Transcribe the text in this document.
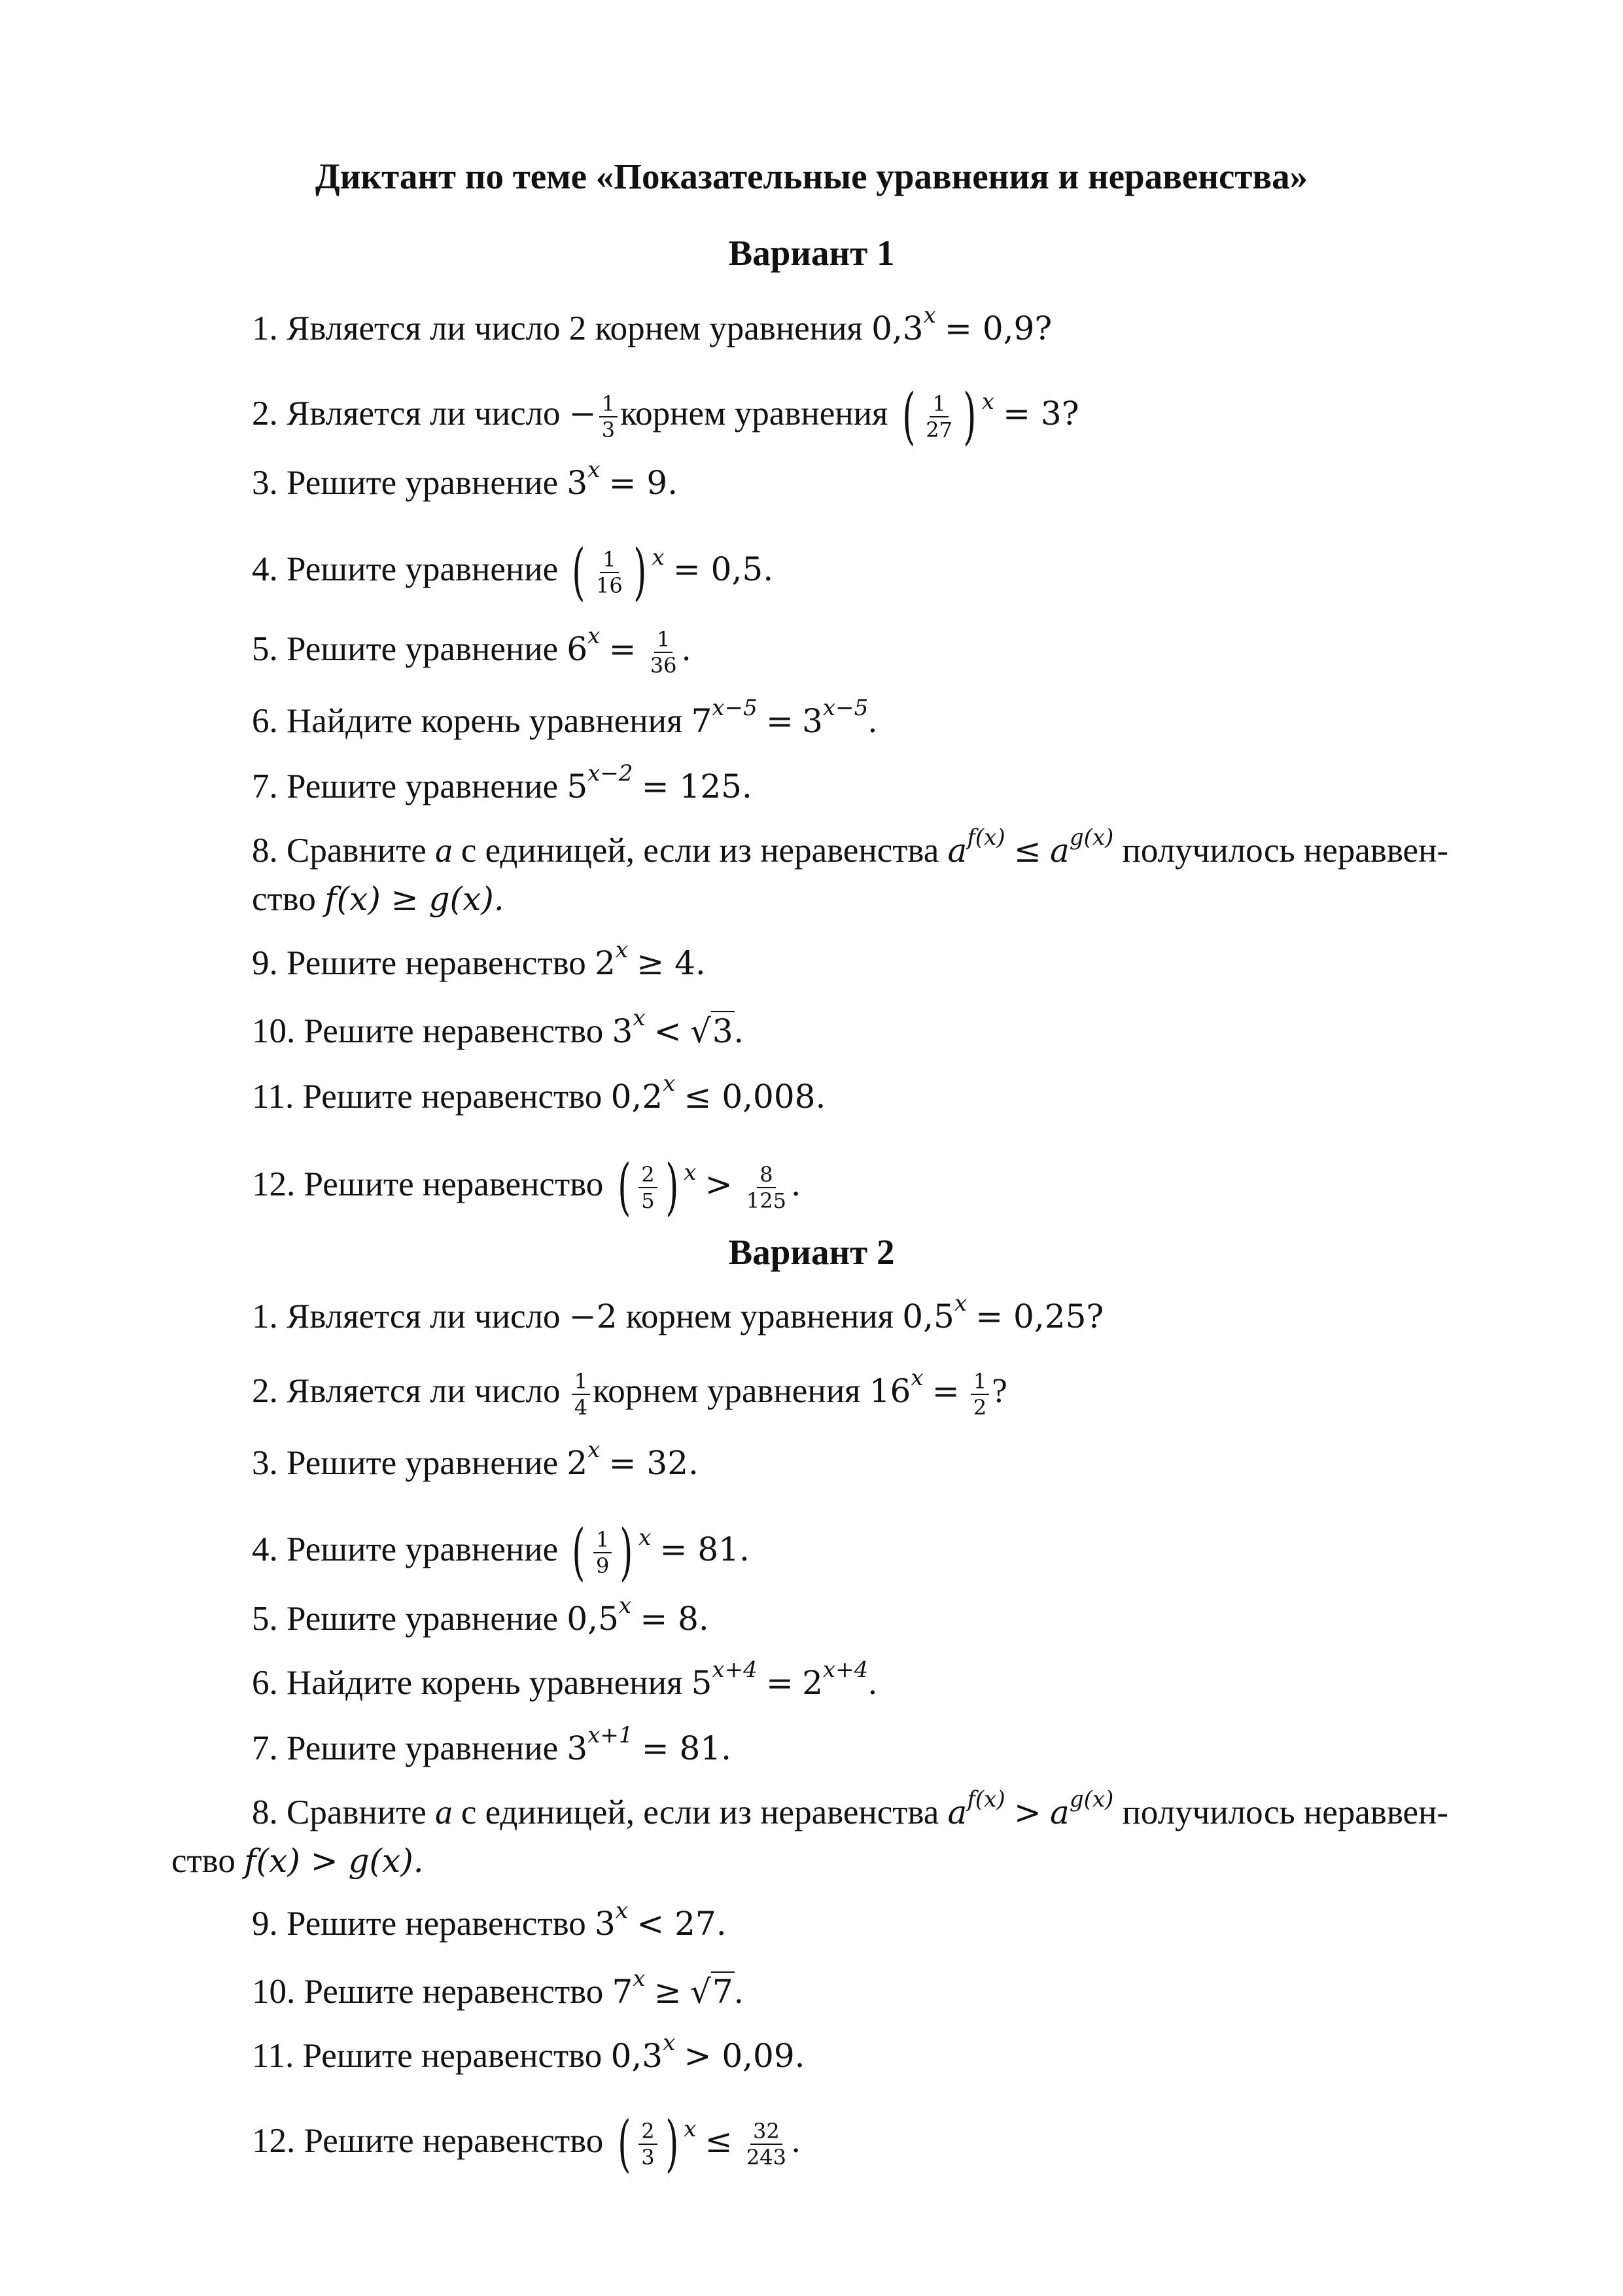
Диктант по теме «Показательные уравнения и неравенства»
Вариант 1
1. Является ли число 2 корнем уравнения $0,3^x = 0,9$?
2. Является ли число − $\frac{1}{3}$ корнем уравнения ( $\frac{1}{27}$ ) x = 3?
3. Решите уравнение $3^x = 9$.
4. Решите уравнение ( $\frac{1}{16}$ ) x = 0,5.
5. Решите уравнение $6^x = \frac{1}{36}$ .
6. Найдите корень уравнения $7^{x-5} = 3^{x-5}$.
7. Решите уравнение $5^{x-2} = 125$.
8. Сравните a с единицей, если из неравенства $a^{f(x)} \le a^{g(x)}$ получилось нераввен-
ство f(x) ≥ g(x).
9. Решите неравенство $2^x \ge 4$.
10. Решите неравенство $3^x < √3$.
11. Решите неравенство $0,2^x \le 0,008$.
12. Решите неравенство ( $\frac{2}{5}$ ) $x > \frac{8}{125}$ .
Вариант 2
1. Является ли число −2 корнем уравнения $0,5^x = 0,25$?
2. Является ли число $\frac{1}{4}$ корнем уравнения $16^x = \frac{1}{2}$ ?
3. Решите уравнение $2^x = 32$.
4. Решите уравнение ( $\frac{1}{9}$ ) x = 81.
5. Решите уравнение $0,5^x = 8$.
6. Найдите корень уравнения $5^{x+4} = 2^{x+4}$.
7. Решите уравнение $3^{x+1} = 81$.
8. Сравните a с единицей, если из неравенства $a^{f(x)} > a^{g(x)}$ получилось нераввен-
ство f(x) > g(x).
9. Решите неравенство $3^x < 27$.
10. Решите неравенство $7^x \ge √7$.
11. Решите неравенство $0,3^x > 0,09$.
12. Решите неравенство ( $\frac{2}{3}$ ) $x \le \frac{32}{243}$ .
